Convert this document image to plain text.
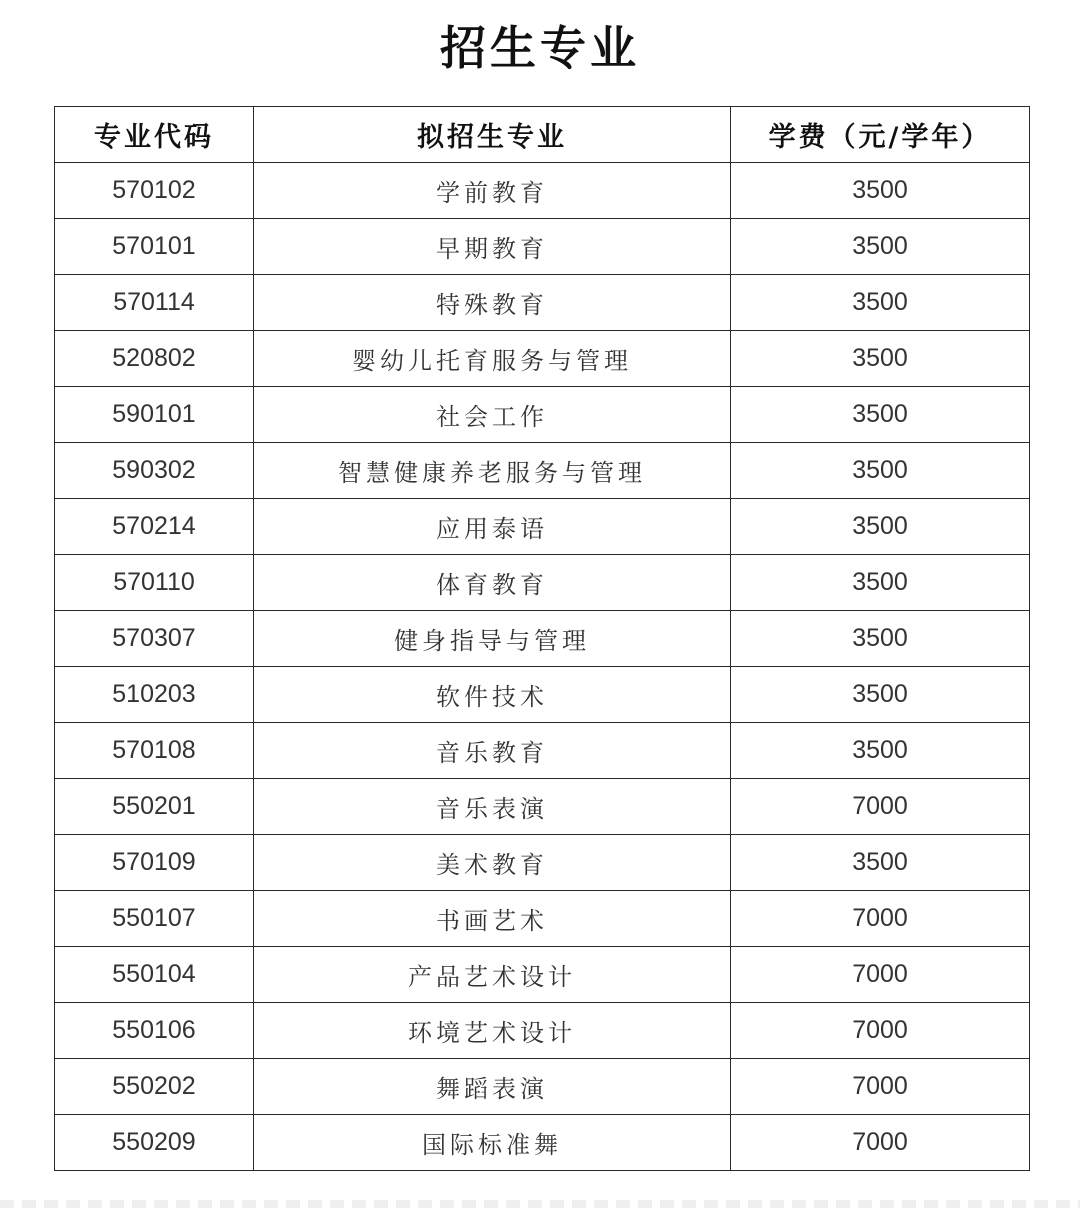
招生专业
专业代码	拟招生专业	学费（元/学年）
570102	学前教育	3500
570101	早期教育	3500
570114	特殊教育	3500
520802	婴幼儿托育服务与管理	3500
590101	社会工作	3500
590302	智慧健康养老服务与管理	3500
570214	应用泰语	3500
570110	体育教育	3500
570307	健身指导与管理	3500
510203	软件技术	3500
570108	音乐教育	3500
550201	音乐表演	7000
570109	美术教育	3500
550107	书画艺术	7000
550104	产品艺术设计	7000
550106	环境艺术设计	7000
550202	舞蹈表演	7000
550209	国际标准舞	7000
